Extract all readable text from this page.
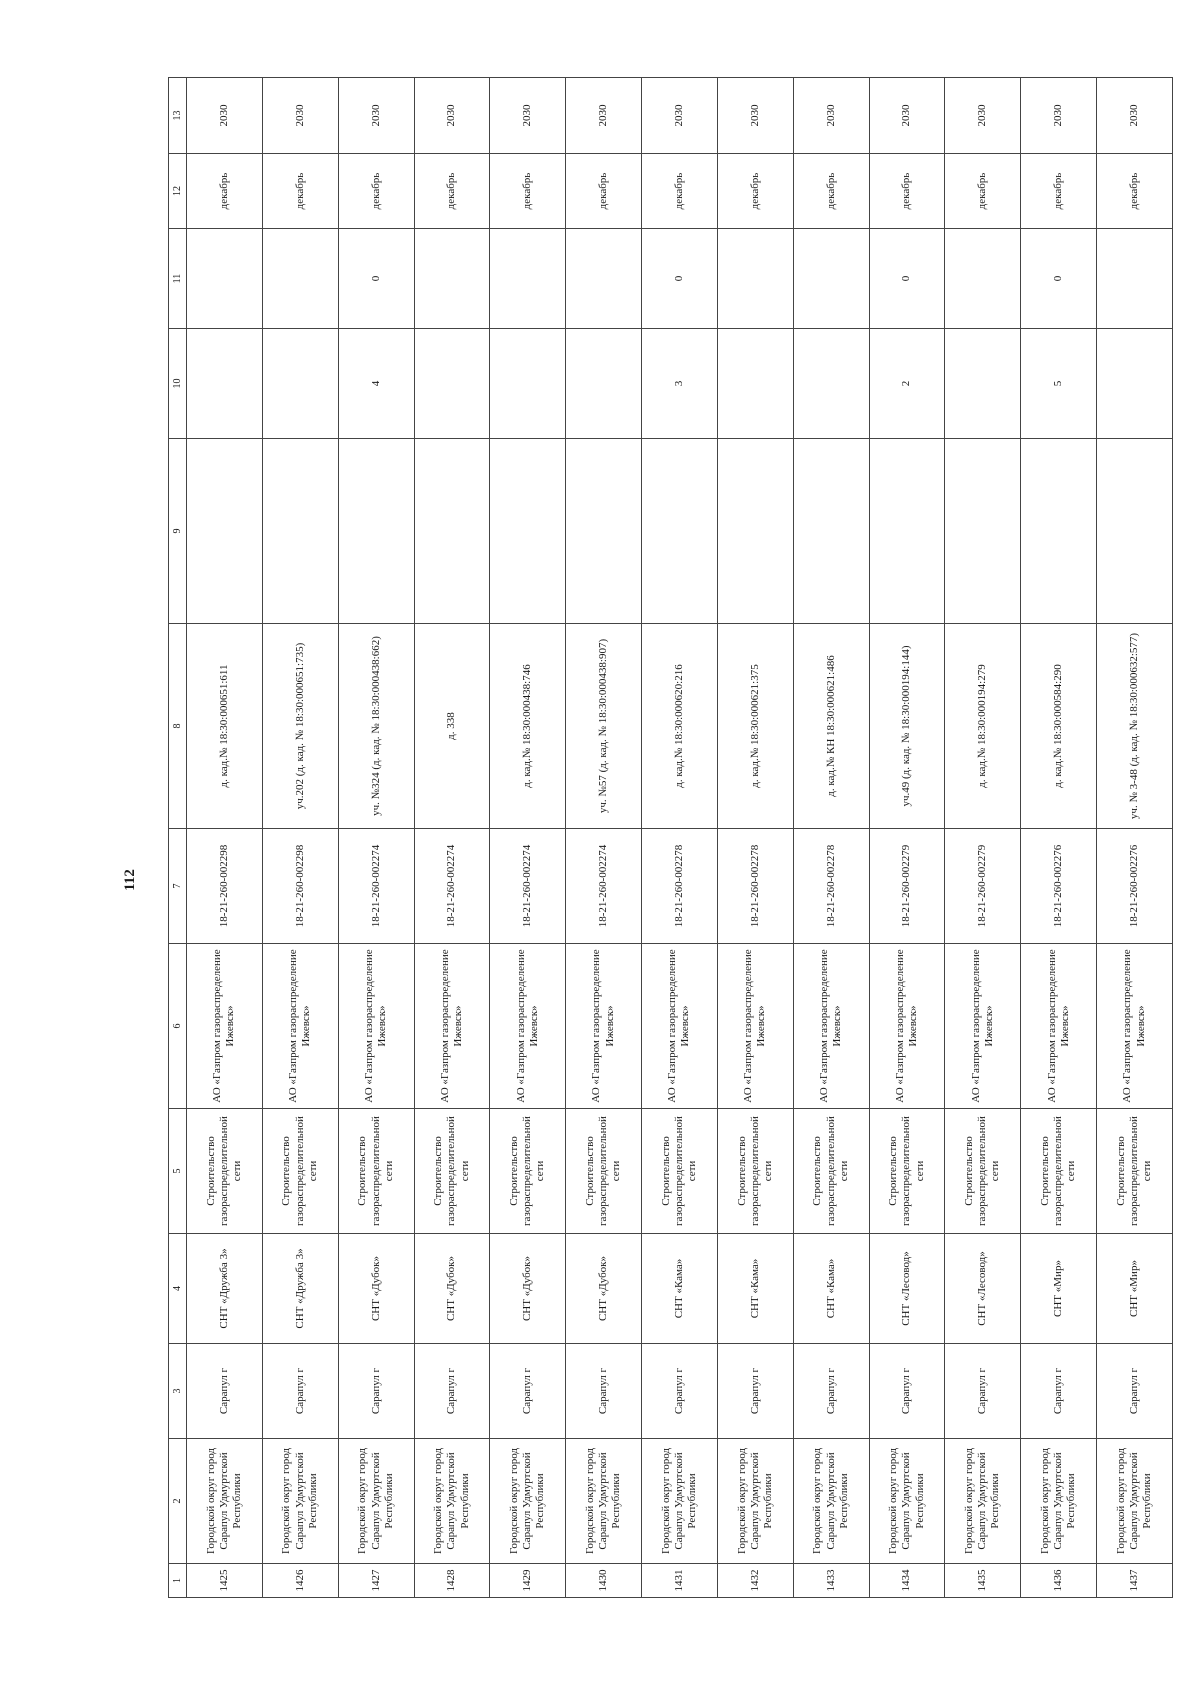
112
1	2	3	4	5	6	7	8	9	10	11	12	13
1425	Городской округ город Сарапул Удмуртской Республики	Сарапул г	СНТ «Дружба 3»	Строительство газораспределительной сети	АО «Газпром газораспределение Ижевск»	18-21-260-002298	д. кад.№ 18:30:000651:611				декабрь	2030
1426	Городской округ город Сарапул Удмуртской Республики	Сарапул г	СНТ «Дружба 3»	Строительство газораспределительной сети	АО «Газпром газораспределение Ижевск»	18-21-260-002298	уч.202 (д. кад. № 18:30:000651:735)				декабрь	2030
1427	Городской округ город Сарапул Удмуртской Республики	Сарапул г	СНТ «Дубок»	Строительство газораспределительной сети	АО «Газпром газораспределение Ижевск»	18-21-260-002274	уч. №324 (д. кад. № 18:30:000438:662)		4	0	декабрь	2030
1428	Городской округ город Сарапул Удмуртской Республики	Сарапул г	СНТ «Дубок»	Строительство газораспределительной сети	АО «Газпром газораспределение Ижевск»	18-21-260-002274	д. 338				декабрь	2030
1429	Городской округ город Сарапул Удмуртской Республики	Сарапул г	СНТ «Дубок»	Строительство газораспределительной сети	АО «Газпром газораспределение Ижевск»	18-21-260-002274	д. кад.№ 18:30:000438:746				декабрь	2030
1430	Городской округ город Сарапул Удмуртской Республики	Сарапул г	СНТ «Дубок»	Строительство газораспределительной сети	АО «Газпром газораспределение Ижевск»	18-21-260-002274	уч. №57 (д. кад. № 18:30:000438:907)				декабрь	2030
1431	Городской округ город Сарапул Удмуртской Республики	Сарапул г	СНТ «Кама»	Строительство газораспределительной сети	АО «Газпром газораспределение Ижевск»	18-21-260-002278	д. кад.№ 18:30:000620:216		3	0	декабрь	2030
1432	Городской округ город Сарапул Удмуртской Республики	Сарапул г	СНТ «Кама»	Строительство газораспределительной сети	АО «Газпром газораспределение Ижевск»	18-21-260-002278	д. кад.№ 18:30:000621:375				декабрь	2030
1433	Городской округ город Сарапул Удмуртской Республики	Сарапул г	СНТ «Кама»	Строительство газораспределительной сети	АО «Газпром газораспределение Ижевск»	18-21-260-002278	д. кад.№ КН 18:30:000621:486				декабрь	2030
1434	Городской округ город Сарапул Удмуртской Республики	Сарапул г	СНТ «Лесовод»	Строительство газораспределительной сети	АО «Газпром газораспределение Ижевск»	18-21-260-002279	уч.49 (д. кад. № 18:30:000194:144)		2	0	декабрь	2030
1435	Городской округ город Сарапул Удмуртской Республики	Сарапул г	СНТ «Лесовод»	Строительство газораспределительной сети	АО «Газпром газораспределение Ижевск»	18-21-260-002279	д. кад.№ 18:30:000194:279				декабрь	2030
1436	Городской округ город Сарапул Удмуртской Республики	Сарапул г	СНТ «Мир»	Строительство газораспределительной сети	АО «Газпром газораспределение Ижевск»	18-21-260-002276	д. кад.№ 18:30:000584:290		5	0	декабрь	2030
1437	Городской округ город Сарапул Удмуртской Республики	Сарапул г	СНТ «Мир»	Строительство газораспределительной сети	АО «Газпром газораспределение Ижевск»	18-21-260-002276	уч. № 3-48 (д. кад. № 18:30:000632:577)				декабрь	2030
